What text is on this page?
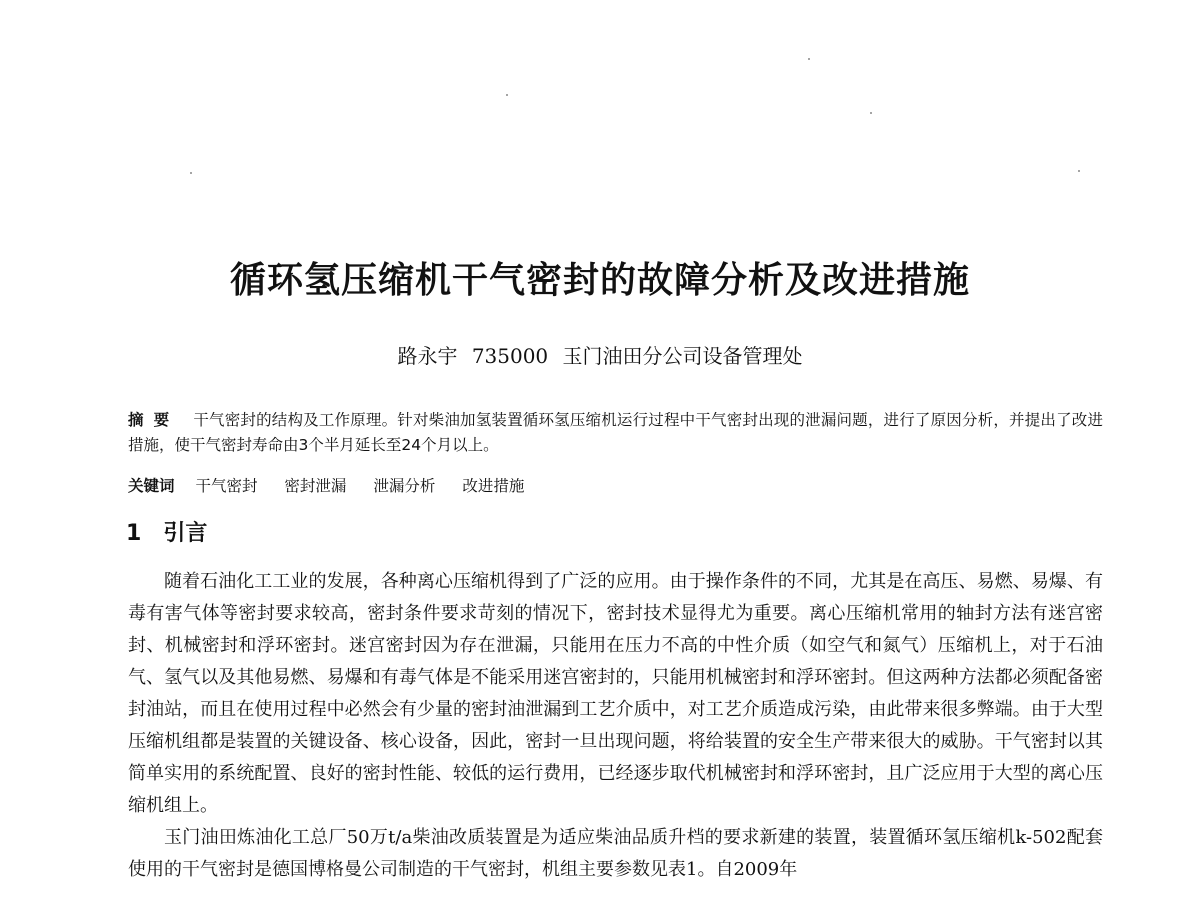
循环氢压缩机干气密封的故障分析及改进措施
路永宇 735000 玉门油田分公司设备管理处
摘要 干气密封的结构及工作原理。针对柴油加氢装置循环氢压缩机运行过程中干气密封出现的泄漏问题，进行了原因分析，并提出了改进措施，使干气密封寿命由3个半月延长至24个月以上。
关键词 干气密封 密封泄漏 泄漏分析 改进措施
1 引言

随着石油化工工业的发展，各种离心压缩机得到了广泛的应用。由于操作条件的不同，尤其是在高压、易燃、易爆、有毒有害气体等密封要求较高，密封条件要求苛刻的情况下，密封技术显得尤为重要。离心压缩机常用的轴封方法有迷宫密封、机械密封和浮环密封。迷宫密封因为存在泄漏，只能用在压力不高的中性介质（如空气和氮气）压缩机上，对于石油气、氢气以及其他易燃、易爆和有毒气体是不能采用迷宫密封的，只能用机械密封和浮环密封。但这两种方法都必须配备密封油站，而且在使用过程中必然会有少量的密封油泄漏到工艺介质中，对工艺介质造成污染，由此带来很多弊端。由于大型压缩机组都是装置的关键设备、核心设备，因此，密封一旦出现问题，将给装置的安全生产带来很大的威胁。干气密封以其简单实用的系统配置、良好的密封性能、较低的运行费用，已经逐步取代机械密封和浮环密封，且广泛应用于大型的离心压缩机组上。

玉门油田炼油化工总厂50万t/a柴油改质装置是为适应柴油品质升档的要求新建的装置，装置循环氢压缩机k-502配套使用的干气密封是德国博格曼公司制造的干气密封，机组主要参数见表1。自2009年
